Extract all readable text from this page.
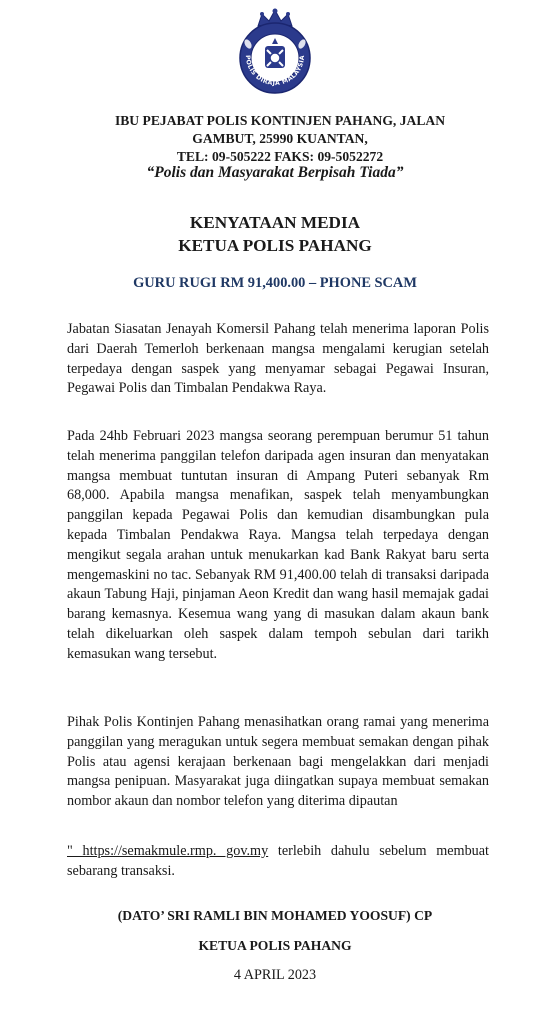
POLIS DIRAJA MALAYSIA
IBU PEJABAT POLIS KONTINJEN PAHANG, JALAN
GAMBUT, 25990 KUANTAN,
TEL: 09-505222 FAKS: 09-5052272
“Polis dan Masyarakat Berpisah Tiada”
KENYATAAN MEDIA
KETUA POLIS PAHANG
GURU RUGI RM 91,400.00 – PHONE SCAM

Jabatan Siasatan Jenayah Komersil Pahang telah menerima laporan Polis dari Daerah Temerloh berkenaan mangsa mengalami kerugian setelah terpedaya dengan saspek yang menyamar sebagai Pegawai Insuran, Pegawai Polis dan Timbalan Pendakwa Raya.

Pada 24hb Februari 2023 mangsa seorang perempuan berumur 51 tahun telah menerima panggilan telefon daripada agen insuran dan menyatakan mangsa membuat tuntutan insuran di Ampang Puteri sebanyak Rm 68,000. Apabila mangsa menafikan, saspek telah menyambungkan panggilan kepada Pegawai Polis dan kemudian disambungkan pula kepada Timbalan Pendakwa Raya. Mangsa telah terpedaya dengan mengikut segala arahan untuk menukarkan kad Bank Rakyat baru serta mengemaskini no tac. Sebanyak RM 91,400.00 telah di transaksi daripada akaun Tabung Haji, pinjaman Aeon Kredit dan wang hasil memajak gadai barang kemasnya. Kesemua wang yang di masukan dalam akaun bank telah dikeluarkan oleh saspek dalam tempoh sebulan dari tarikh kemasukan wang tersebut.

Pihak Polis Kontinjen Pahang menasihatkan orang ramai yang menerima panggilan yang meragukan untuk segera membuat semakan dengan pihak Polis atau agensi kerajaan berkenaan bagi mengelakkan dari menjadi mangsa penipuan. Masyarakat juga diingatkan supaya membuat semakan nombor akaun dan nombor telefon yang diterima dipautan

" https://semakmule.rmp. gov.my terlebih dahulu sebelum membuat sebarang transaksi.

(DATO’ SRI RAMLI BIN MOHAMED YOOSUF) CP
KETUA POLIS PAHANG
4 APRIL 2023
